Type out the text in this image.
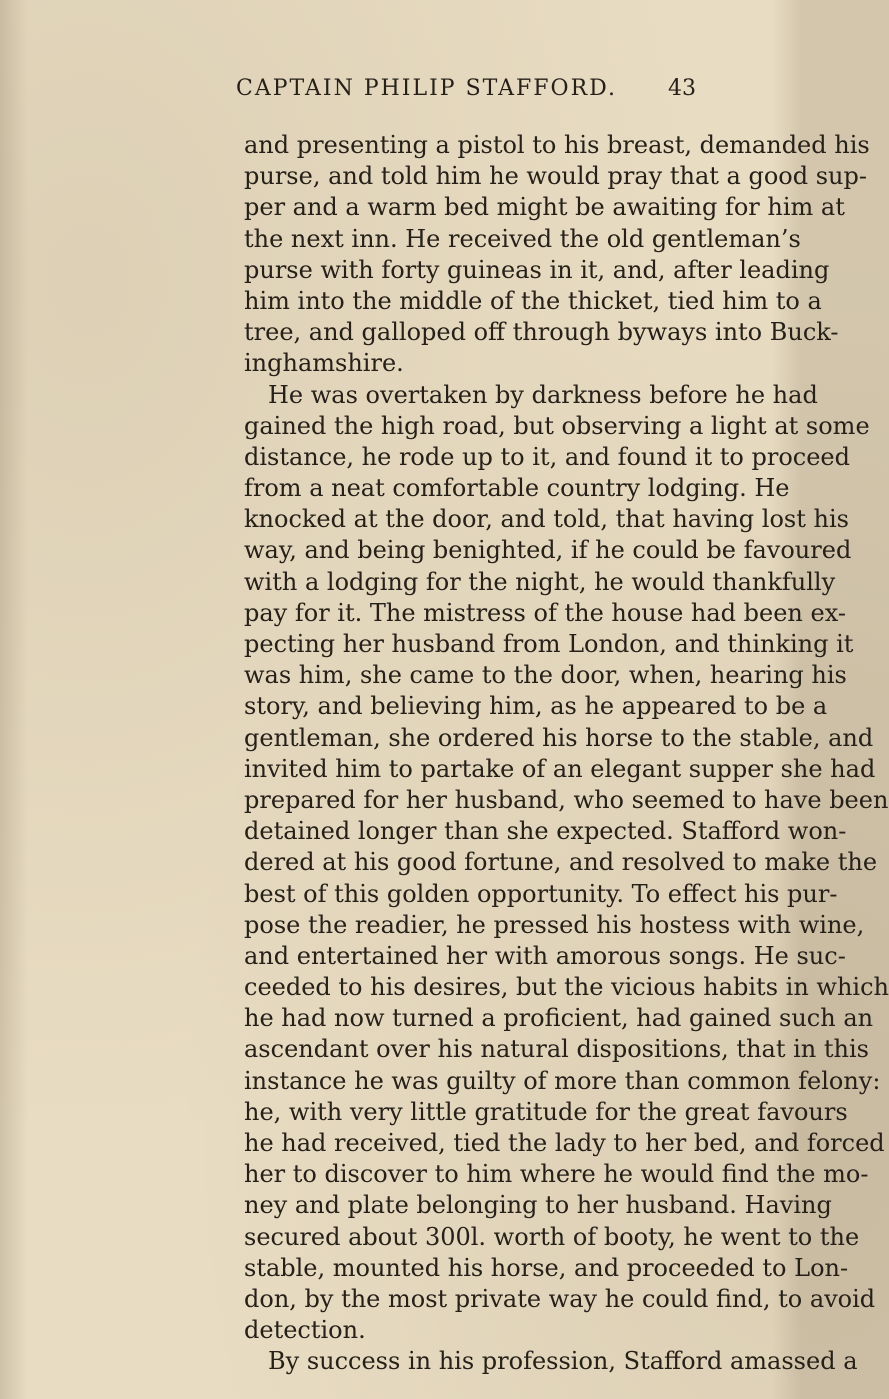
CAPTAIN PHILIP STAFFORD. 43
and presenting a pistol to his breast, demanded his
purse, and told him he would pray that a good sup-
per and a warm bed might be awaiting for him at
the next inn. He received the old gentleman’s
purse with forty guineas in it, and, after leading
him into the middle of the thicket, tied him to a
tree, and galloped off through byways into Buck-
inghamshire.
He was overtaken by darkness before he had
gained the high road, but observing a light at some
distance, he rode up to it, and found it to proceed
from a neat comfortable country lodging. He
knocked at the door, and told, that having lost his
way, and being benighted, if he could be favoured
with a lodging for the night, he would thankfully
pay for it. The mistress of the house had been ex-
pecting her husband from London, and thinking it
was him, she came to the door, when, hearing his
story, and believing him, as he appeared to be a
gentleman, she ordered his horse to the stable, and
invited him to partake of an elegant supper she had
prepared for her husband, who seemed to have been
detained longer than she expected. Stafford won-
dered at his good fortune, and resolved to make the
best of this golden opportunity. To effect his pur-
pose the readier, he pressed his hostess with wine,
and entertained her with amorous songs. He suc-
ceeded to his desires, but the vicious habits in which
he had now turned a proficient, had gained such an
ascendant over his natural dispositions, that in this
instance he was guilty of more than common felony:
he, with very little gratitude for the great favours
he had received, tied the lady to her bed, and forced
her to discover to him where he would find the mo-
ney and plate belonging to her husband. Having
secured about 300l. worth of booty, he went to the
stable, mounted his horse, and proceeded to Lon-
don, by the most private way he could find, to avoid
detection.
By success in his profession, Stafford amassed a
